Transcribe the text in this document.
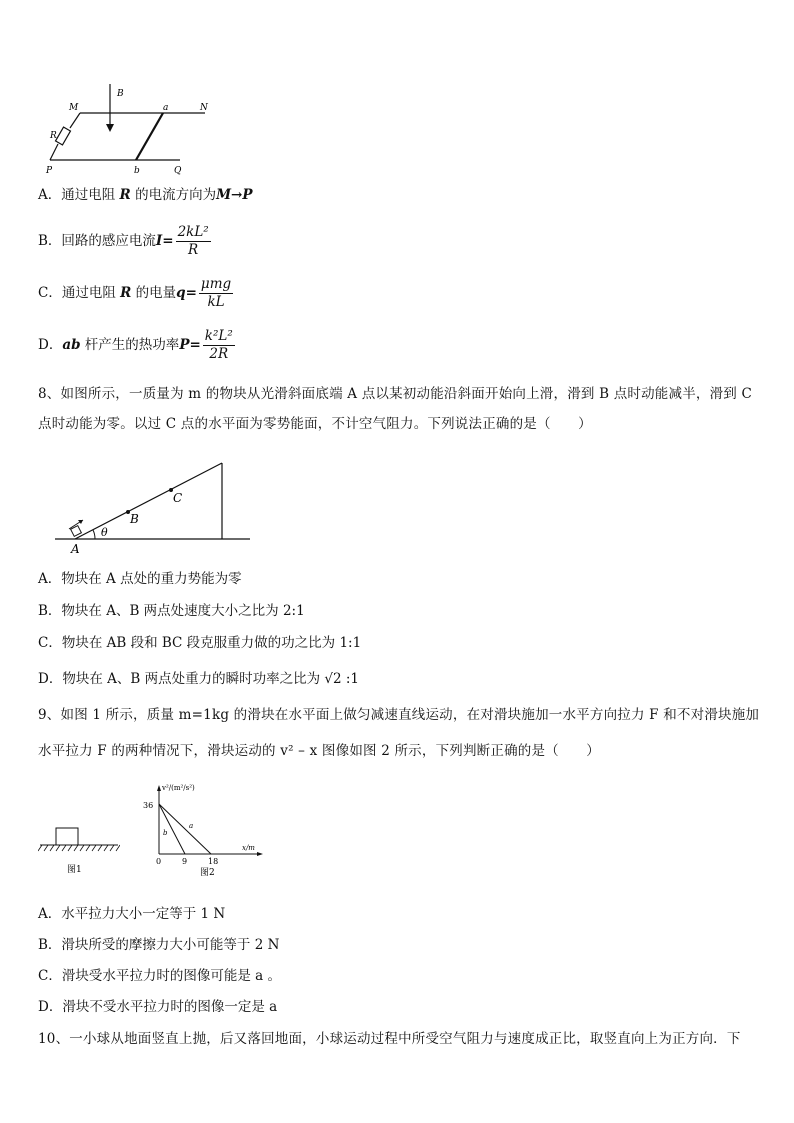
B
M	a	N
R
P	b	Q
A．通过电阻 R 的电流方向为M→P
B．回路的感应电流$I= \frac{\text{2kL²}}{R}$
C．通过电阻 R 的电量$q= \frac{\text{μmg}}{kL}$
D．ab 杆产生的热功率$P= \frac{\text{k²L²}}{2R}$
8、如图所示，一质量为 m 的物块从光滑斜面底端 A 点以某初动能沿斜面开始向上滑，滑到 B 点时动能减半，滑到 C
点时动能为零。以过 C 点的水平面为零势能面，不计空气阻力。下列说法正确的是（　　）
θ
A
B
C
A．物块在 A 点处的重力势能为零
B．物块在 A、B 两点处速度大小之比为 2:1
C．物块在 AB 段和 BC 段克服重力做的功之比为 1:1
D．物块在 A、B 两点处重力的瞬时功率之比为 √2 :1
9、如图 1 所示，质量 m=1kg 的滑块在水平面上做匀减速直线运动，在对滑块施加一水平方向拉力 F 和不对滑块施加
水平拉力 F 的两种情况下，滑块运动的 v² – x 图像如图 2 所示，下列判断正确的是（　　）
图1
v²/(m²/s²)
x/m
36
0	9	18
a
b
图2
A．水平拉力大小一定等于 1 N
B．滑块所受的摩擦力大小可能等于 2 N
C．滑块受水平拉力时的图像可能是 a 。
D．滑块不受水平拉力时的图像一定是 a
10、一小球从地面竖直上抛，后又落回地面，小球运动过程中所受空气阻力与速度成正比，取竖直向上为正方向．下
